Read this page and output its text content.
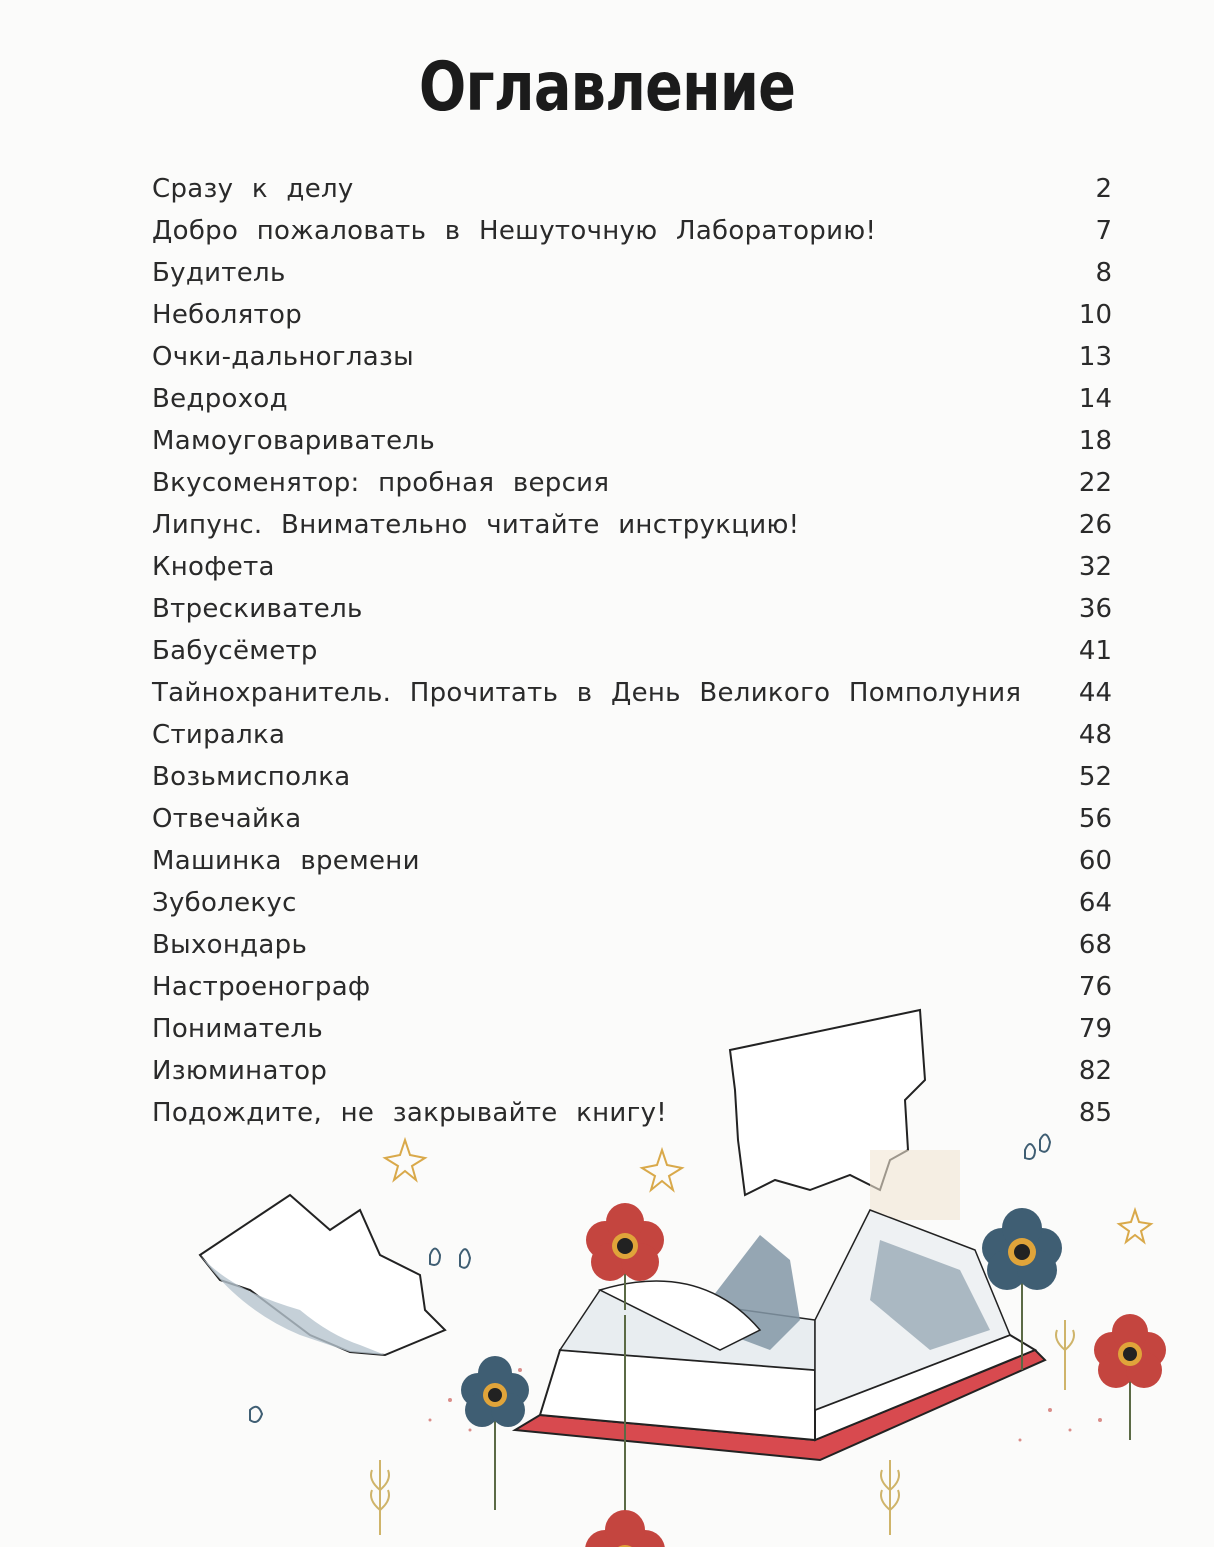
Оглавление
Сразу к делу	2
Добро пожаловать в Нешуточную Лабораторию!	7
Будитель	8
Неболятор	10
Очки-дальноглазы	13
Ведроход	14
Мамоуговариватель	18
Вкусоменятор: пробная версия	22
Липунс. Внимательно читайте инструкцию!	26
Кнофета	32
Втрескиватель	36
Бабусёметр	41
Тайнохранитель. Прочитать в День Великого Помполуния	44
Стиралка	48
Возьмисполка	52
Отвечайка	56
Машинка времени	60
Зуболекус	64
Выхондарь	68
Настроенограф	76
Пониматель	79
Изюминатор	82
Подождите, не закрывайте книгу!	85
